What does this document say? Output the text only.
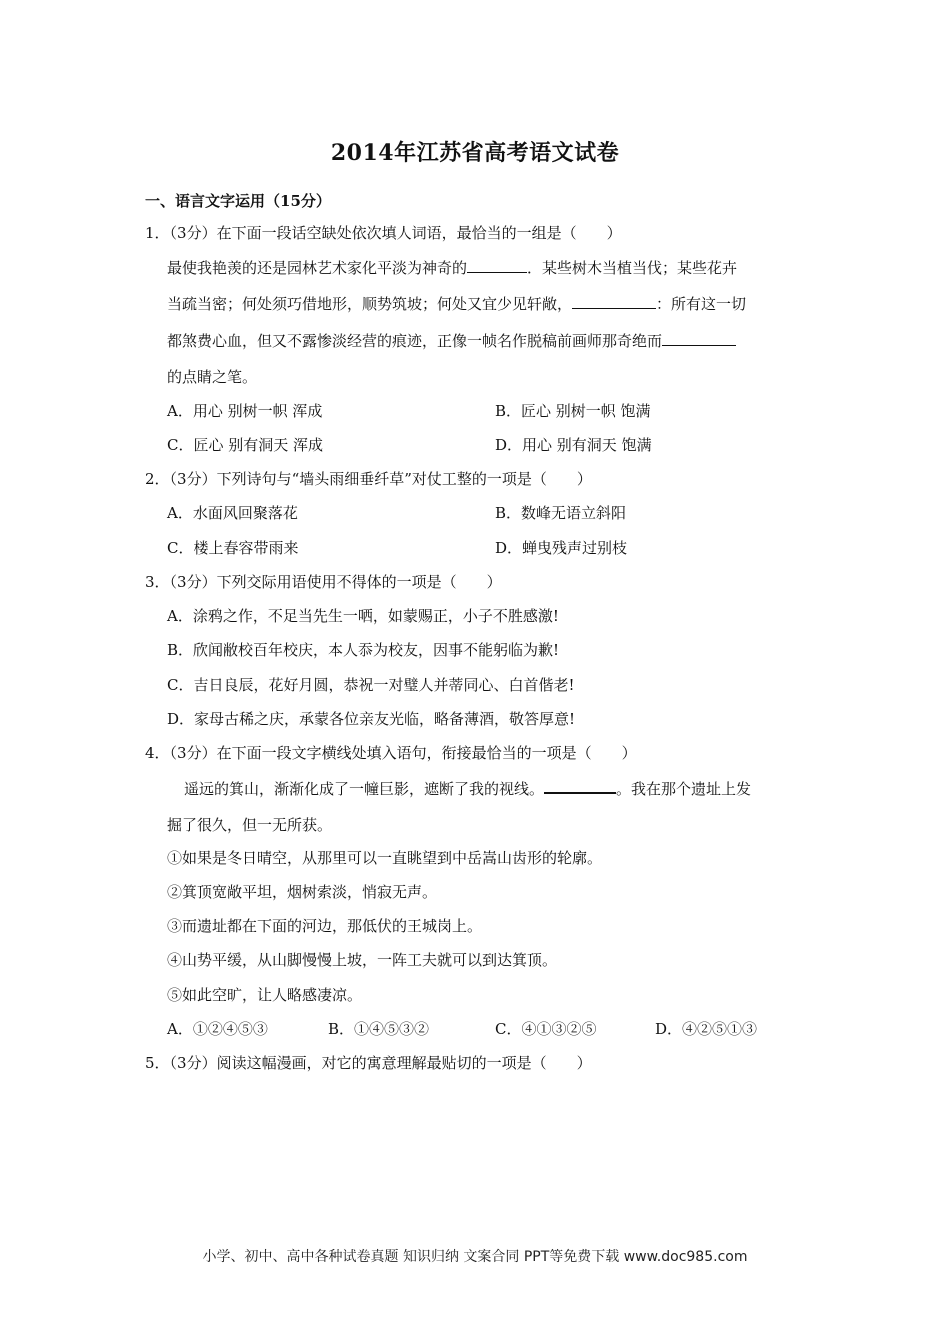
2014年江苏省高考语文试卷
一、语言文字运用（15分）
1．（3分）在下面一段话空缺处依次填人词语，最恰当的一组是（　　）
最使我艳羡的还是园林艺术家化平淡为神奇的	．某些树木当植当伐；某些花卉
当疏当密；何处须巧借地形，顺势筑坡；何处又宜少见轩敞，	：所有这一切
都煞费心血，但又不露惨淡经营的痕迹，正像一帧名作脱稿前画师那奇绝而
的点睛之笔。
A．用心 别树一帜 浑成	B．匠心 别树一帜 饱满
C．匠心 别有洞天 浑成	D．用心 别有洞天 饱满
2．（3分）下列诗句与“墙头雨细垂纤草”对仗工整的一项是（　　）
A．水面风回聚落花	B．数峰无语立斜阳
C．楼上春容带雨来	D．蝉曳残声过别枝
3．（3分）下列交际用语使用不得体的一项是（　　）
A．涂鸦之作，不足当先生一哂，如蒙赐正，小子不胜感激!
B．欣闻敝校百年校庆，本人忝为校友，因事不能躬临为歉!
C．吉日良辰，花好月圆，恭祝一对璧人并蒂同心、白首偕老!
D．家母古稀之庆，承蒙各位亲友光临，略备薄酒，敬答厚意!
4．（3分）在下面一段文字横线处填入语句，衔接最恰当的一项是（　　）
遥远的箕山，渐渐化成了一幢巨影，遮断了我的视线。	。我在那个遗址上发
掘了很久，但一无所获。
①如果是冬日晴空，从那里可以一直眺望到中岳嵩山齿形的轮廓。
②箕顶宽敞平坦，烟树索淡，悄寂无声。
③而遗址都在下面的河边，那低伏的王城岗上。
④山势平缓，从山脚慢慢上坡，一阵工夫就可以到达箕顶。
⑤如此空旷，让人略感凄凉。
A．①②④⑤③	B．①④⑤③②	C．④①③②⑤	D．④②⑤①③
5．（3分）阅读这幅漫画，对它的寓意理解最贴切的一项是（　　）
小学、初中、高中各种试卷真题 知识归纳 文案合同 PPT等免费下载 www.doc985.com
